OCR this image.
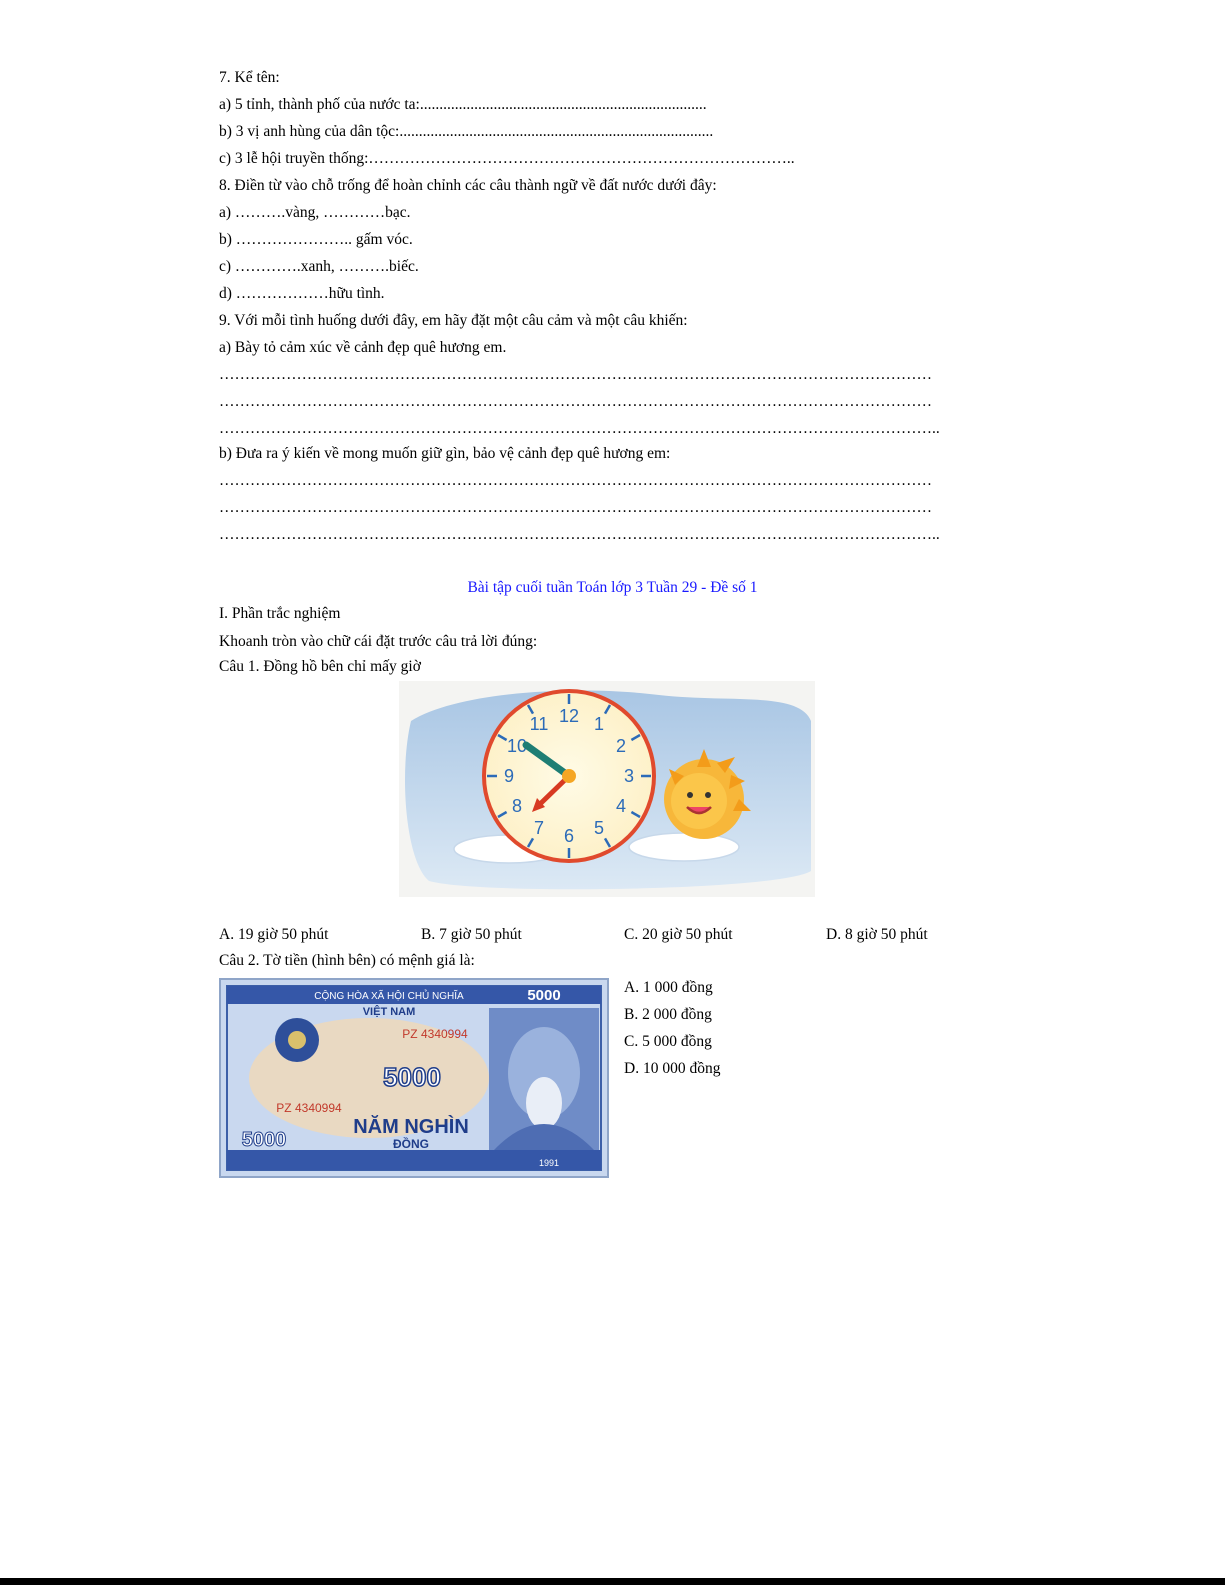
7. Kể tên:
a) 5 tỉnh, thành phố của nước ta:..........................................................................
b) 3 vị anh hùng của dân tộc:.................................................................................
c) 3 lễ hội truyền thống:………………………………………………………………………..
8. Điền từ vào chỗ trống để hoàn chỉnh các câu thành ngữ về đất nước dưới đây:
a) ……….vàng, …………bạc.
b) ………………….. gấm vóc.
c) ………….xanh, ……….biếc.
d) ………………hữu tình.
9. Với mỗi tình huống dưới đây, em hãy đặt một câu cảm và một câu khiến:
a) Bày tỏ cảm xúc về cảnh đẹp quê hương em.
…………………………………………………………………………………………………………………………
…………………………………………………………………………………………………………………………
…………………………………………………………………………………………………………………………..
b) Đưa ra ý kiến về mong muốn giữ gìn, bảo vệ cảnh đẹp quê hương em:
…………………………………………………………………………………………………………………………
…………………………………………………………………………………………………………………………
…………………………………………………………………………………………………………………………..
Bài tập cuối tuần Toán lớp 3 Tuần 29 - Đề số 1
I. Phần trắc nghiệm
Khoanh tròn vào chữ cái đặt trước câu trả lời đúng:
Câu 1. Đồng hồ bên chỉ mấy giờ
12 1
2
3
4
5
6
7
8
9
10
11
A. 19 giờ 50 phút	B. 7 giờ 50 phút	C. 20 giờ 50 phút	D. 8 giờ 50 phút
Câu 2. Tờ tiền (hình bên) có mệnh giá là:
CỘNG HÒA XÃ HỘI CHỦ NGHĨA
VIỆT NAM
PZ 4340994
5000
5000
PZ 4340994
NĂM NGHÌN
ĐỒNG
5000
1991
A. 1 000 đồng
B. 2 000 đồng
C. 5 000 đồng
D. 10 000 đồng
